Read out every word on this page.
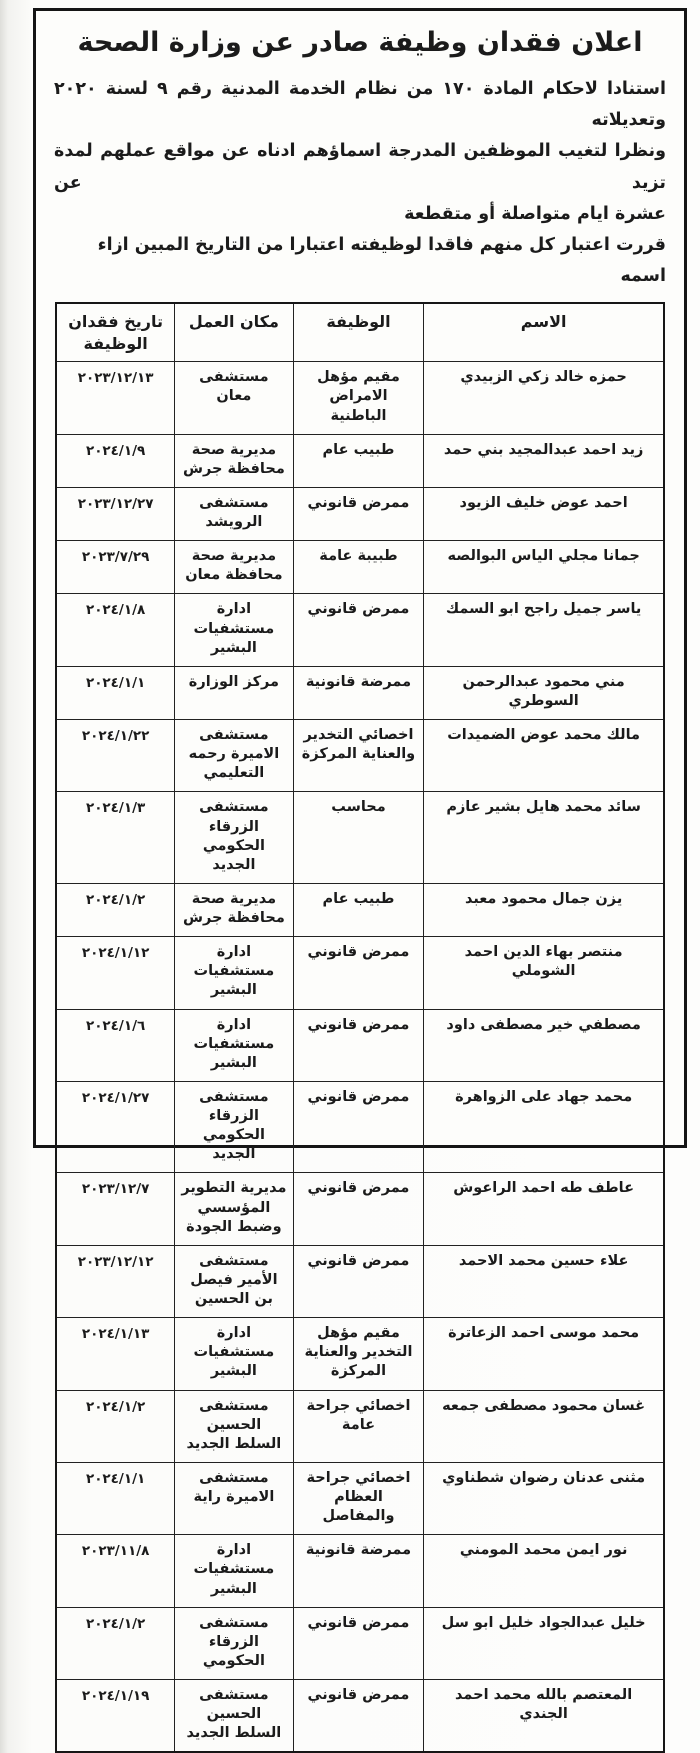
اعلان فقدان وظيفة صادر عن وزارة الصحة
استنادا لاحكام المادة ١٧٠ من نظام الخدمة المدنية رقم ٩ لسنة ٢٠٢٠ وتعديلاته
ونظرا لتغيب الموظفين المدرجة اسماؤهم ادناه عن مواقع عملهم لمدة تزيد عن
عشرة ايام متواصلة أو متقطعة
قررت اعتبار كل منهم فاقدا لوظيفته اعتبارا من التاريخ المبين ازاء اسمه
الاسم	الوظيفة	مكان العمل	تاريخ فقدان الوظيفة
حمزه خالد زكي الزبيدي	مقيم مؤهل الامراض الباطنية	مستشفى معان	٢٠٢٣/١٢/١٣
زيد احمد عبدالمجيد بني حمد	طبيب عام	مديرية صحة محافظة جرش	٢٠٢٤/١/٩
احمد عوض خليف الزيود	ممرض قانوني	مستشفى الرويشد	٢٠٢٣/١٢/٢٧
جمانا مجلي الياس البوالصه	طبيبة عامة	مديرية صحة محافظة معان	٢٠٢٣/٧/٢٩
ياسر جميل راجح ابو السمك	ممرض قانوني	ادارة مستشفيات البشير	٢٠٢٤/١/٨
مني محمود عبدالرحمن السوطري	ممرضة قانونية	مركز الوزارة	٢٠٢٤/١/١
مالك محمد عوض الضميدات	اخصائي التخدير والعناية المركزة	مستشفى الاميرة رحمه التعليمي	٢٠٢٤/١/٢٢
سائد محمد هايل بشير عازم	محاسب	مستشفى الزرقاء الحكومي الجديد	٢٠٢٤/١/٣
يزن جمال محمود معبد	طبيب عام	مديرية صحة محافظة جرش	٢٠٢٤/١/٢
منتصر بهاء الدين احمد الشوملي	ممرض قانوني	ادارة مستشفيات البشير	٢٠٢٤/١/١٢
مصطفي خير مصطفى داود	ممرض قانوني	ادارة مستشفيات البشير	٢٠٢٤/١/٦
محمد جهاد على الزواهرة	ممرض قانوني	مستشفى الزرقاء الحكومي الجديد	٢٠٢٤/١/٢٧
عاطف طه احمد الراعوش	ممرض قانوني	مديرية التطوير المؤسسي وضبط الجودة	٢٠٢٣/١٢/٧
علاء حسين محمد الاحمد	ممرض قانوني	مستشفى الأمير فيصل بن الحسين	٢٠٢٣/١٢/١٢
محمد موسى احمد الزعاترة	مقيم مؤهل التخدير والعناية المركزة	ادارة مستشفيات البشير	٢٠٢٤/١/١٣
غسان محمود مصطفى جمعه	اخصائي جراحة عامة	مستشفى الحسين السلط الجديد	٢٠٢٤/١/٢
مثنى عدنان رضوان شطناوي	اخصائي جراحة العظام والمفاصل	مستشفى الاميرة راية	٢٠٢٤/١/١
نور ايمن محمد المومني	ممرضة قانونية	ادارة مستشفيات البشير	٢٠٢٣/١١/٨
خليل عبدالجواد خليل ابو سل	ممرض قانوني	مستشفى الزرقاء الحكومي	٢٠٢٤/١/٢
المعتصم بالله محمد احمد الجندي	ممرض قانوني	مستشفى الحسين السلط الجديد	٢٠٢٤/١/١٩
